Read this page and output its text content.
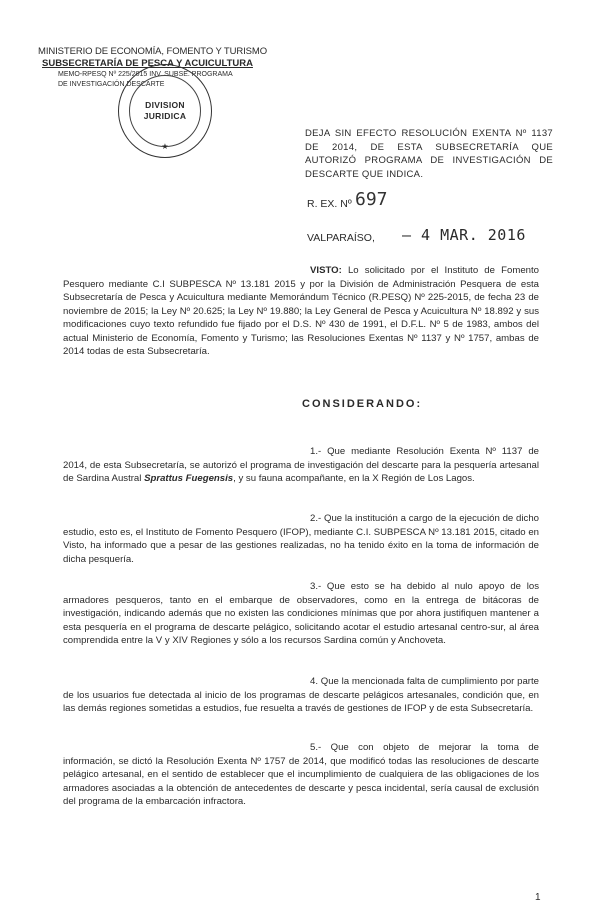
MINISTERIO DE ECONOMÍA, FOMENTO Y TURISMO
SUBSECRETARÍA DE PESCA Y ACUICULTURA
MEMO-RPESQ Nº 225/2015 INV. SUBSE. PROGRAMA
DE INVESTIGACIÓN DESCARTE
DIVISION
JURIDICA
★
DEJA SIN EFECTO RESOLUCIÓN EXENTA Nº 1137 DE 2014, DE ESTA SUBSECRETARÍA QUE AUTORIZÓ PROGRAMA DE INVESTIGACIÓN DE DESCARTE QUE INDICA.
R. EX. Nº 697
VALPARAÍSO, – 4 MAR. 2016
VISTO: Lo solicitado por el Instituto de Fomento Pesquero mediante C.I SUBPESCA Nº 13.181 2015 y por la División de Administración Pesquera de esta Subsecretaría de Pesca y Acuicultura mediante Memorándum Técnico (R.PESQ) Nº 225-2015, de fecha 23 de noviembre de 2015; la Ley Nº 20.625; la Ley Nº 19.880; la Ley General de Pesca y Acuicultura Nº 18.892 y sus modificaciones cuyo texto refundido fue fijado por el D.S. Nº 430 de 1991, el D.F.L. Nº 5 de 1983, ambos del actual Ministerio de Economía, Fomento y Turismo; las Resoluciones Exentas Nº 1137 y Nº 1757, ambas de 2014 todas de esta Subsecretaría.
CONSIDERANDO:
1.- Que mediante Resolución Exenta Nº 1137 de 2014, de esta Subsecretaría, se autorizó el programa de investigación del descarte para la pesquería artesanal de Sardina Austral Sprattus Fuegensis, y su fauna acompañante, en la X Región de Los Lagos.
2.- Que la institución a cargo de la ejecución de dicho estudio, esto es, el Instituto de Fomento Pesquero (IFOP), mediante C.I. SUBPESCA Nº 13.181 2015, citado en Visto, ha informado que a pesar de las gestiones realizadas, no ha tenido éxito en la toma de información de dicha pesquería.
3.- Que esto se ha debido al nulo apoyo de los armadores pesqueros, tanto en el embarque de observadores, como en la entrega de bitácoras de investigación, indicando además que no existen las condiciones mínimas que por ahora justifiquen mantener a esta pesquería en el programa de descarte pelágico, solicitando acotar el estudio artesanal centro-sur, al área comprendida entre la V y XIV Regiones y sólo a los recursos Sardina común y Anchoveta.
4. Que la mencionada falta de cumplimiento por parte de los usuarios fue detectada al inicio de los programas de descarte pelágicos artesanales, condición que, en las demás regiones sometidas a estudios, fue resuelta a través de gestiones de IFOP y de esta Subsecretaría.
5.- Que con objeto de mejorar la toma de información, se dictó la Resolución Exenta Nº 1757 de 2014, que modificó todas las resoluciones de descarte pelágico artesanal, en el sentido de establecer que el incumplimiento de cualquiera de las obligaciones de los armadores asociadas a la obtención de antecedentes de descarte y pesca incidental, sería causal de exclusión del programa de la embarcación infractora.
1
